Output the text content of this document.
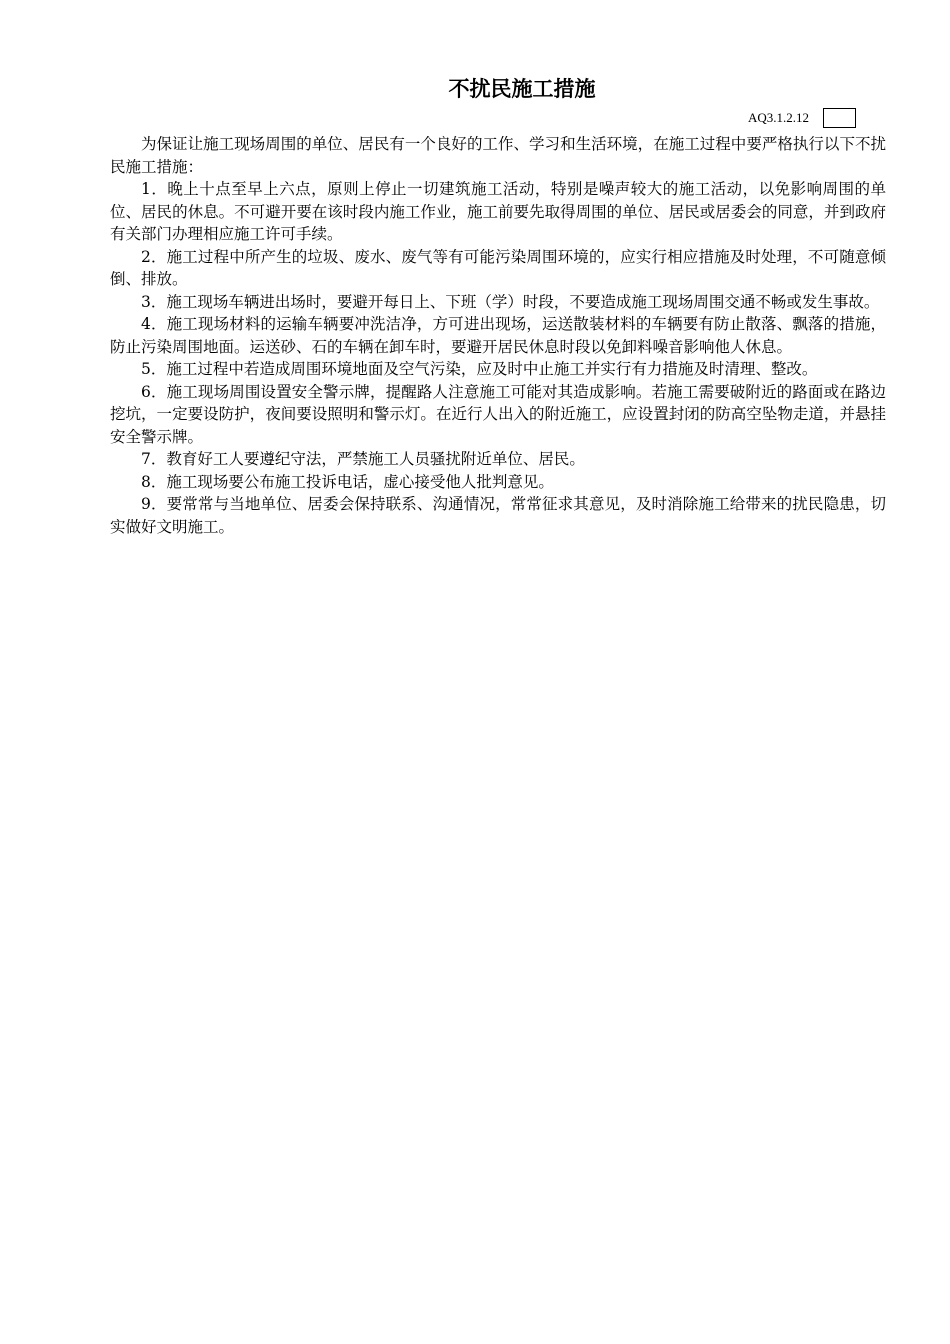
不扰民施工措施
AQ3.1.2.12

为保证让施工现场周围的单位、居民有一个良好的工作、学习和生活环境，在施工过程中要严格执行以下不扰民施工措施：

1．晚上十点至早上六点，原则上停止一切建筑施工活动，特别是噪声较大的施工活动，以免影响周围的单位、居民的休息。不可避开要在该时段内施工作业，施工前要先取得周围的单位、居民或居委会的同意，并到政府有关部门办理相应施工许可手续。

2．施工过程中所产生的垃圾、废水、废气等有可能污染周围环境的，应实行相应措施及时处理，不可随意倾倒、排放。

3．施工现场车辆进出场时，要避开每日上、下班（学）时段，不要造成施工现场周围交通不畅或发生事故。

4．施工现场材料的运输车辆要冲洗洁净，方可进出现场，运送散装材料的车辆要有防止散落、飘落的措施，防止污染周围地面。运送砂、石的车辆在卸车时，要避开居民休息时段以免卸料噪音影响他人休息。

5．施工过程中若造成周围环境地面及空气污染，应及时中止施工并实行有力措施及时清理、整改。

6．施工现场周围设置安全警示牌，提醒路人注意施工可能对其造成影响。若施工需要破附近的路面或在路边挖坑，一定要设防护，夜间要设照明和警示灯。在近行人出入的附近施工，应设置封闭的防高空坠物走道，并悬挂安全警示牌。

7．教育好工人要遵纪守法，严禁施工人员骚扰附近单位、居民。

8．施工现场要公布施工投诉电话，虚心接受他人批判意见。

9．要常常与当地单位、居委会保持联系、沟通情况，常常征求其意见，及时消除施工给带来的扰民隐患，切实做好文明施工。
